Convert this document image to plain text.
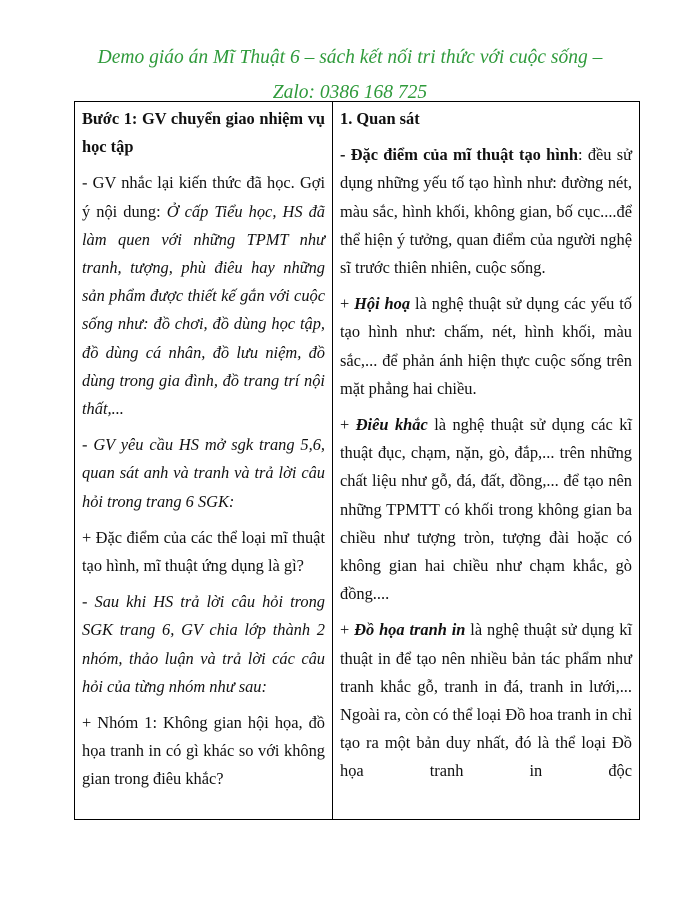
Demo giáo án Mĩ Thuật 6 – sách kết nối tri thức với cuộc sống –
Zalo: 0386 168 725

Bước 1: GV chuyển giao nhiệm vụ học tập

- GV nhắc lại kiến thức đã học. Gợi ý nội dung: Ở cấp Tiểu học, HS đã làm quen với những TPMT như tranh, tượng, phù điêu hay những sản phẩm được thiết kế gắn với cuộc sống như: đồ chơi, đồ dùng học tập, đồ dùng cá nhân, đồ lưu niệm, đồ dùng trong gia đình, đồ trang trí nội thất,...

- GV yêu cầu HS mở sgk trang 5,6, quan sát anh và tranh và trả lời câu hỏi trong trang 6 SGK:

+ Đặc điểm của các thể loại mĩ thuật tạo hình, mĩ thuật ứng dụng là gì?

- Sau khi HS trả lời câu hỏi trong SGK trang 6, GV chia lớp thành 2 nhóm, thảo luận và trả lời các câu hỏi của từng nhóm như sau:

+ Nhóm 1: Không gian hội họa, đồ họa tranh in có gì khác so với không gian trong điêu khắc?

1. Quan sát

- Đặc điểm của mĩ thuật tạo hình: đều sử dụng những yếu tố tạo hình như: đường nét, màu sắc, hình khối, không gian, bố cục....để thể hiện ý tưởng, quan điểm của người nghệ sĩ trước thiên nhiên, cuộc sống.

+ Hội hoạ là nghệ thuật sử dụng các yếu tố tạo hình như: chấm, nét, hình khối, màu sắc,... để phản ánh hiện thực cuộc sống trên mặt phẳng hai chiều.

+ Điêu khắc là nghệ thuật sử dụng các kĩ thuật đục, chạm, nặn, gò, đắp,... trên những chất liệu như gỗ, đá, đất, đồng,... để tạo nên những TPMTT có khối trong không gian ba chiều như tượng tròn, tượng đài hoặc có không gian hai chiều như chạm khắc, gò đồng....

+ Đồ họa tranh in là nghệ thuật sử dụng kĩ thuật in để tạo nên nhiều bản tác phẩm như tranh khắc gỗ, tranh in đá, tranh in lưới,... Ngoài ra, còn có thể loại Đồ hoa tranh in chỉ tạo ra một bản duy nhất, đó là thể loại Đồ họa tranh in độc
